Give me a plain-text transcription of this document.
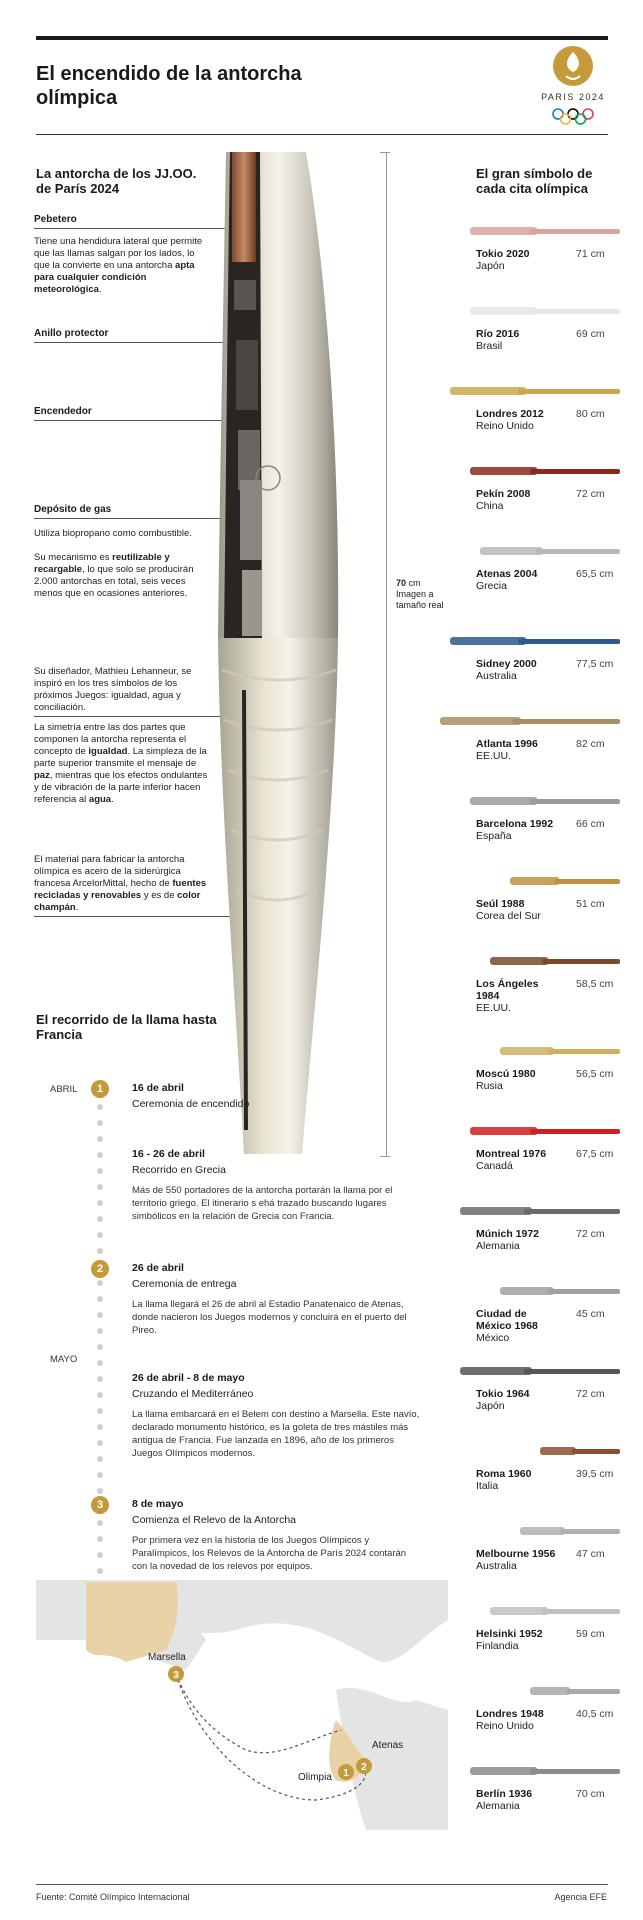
El encendido de la antorcha olímpica	PARIS 2024
La antorcha de los JJ.OO. de París 2024
Pebetero
Tiene una hendidura lateral que permite que las llamas salgan por los lados, lo que la convierte en una antorcha apta para cualquier condición meteorológica.
Anillo protector
Encendedor
Depósito de gas
Utiliza biopropano como combustible.
Su mecanismo es reutilizable y recargable, lo que solo se producirán 2.000 antorchas en total, seis veces menos que en ocasiones anteriores.
Su diseñador, Mathieu Lehanneur, se inspiró en los tres símbolos de los próximos Juegos: igualdad, agua y conciliación.
La simetría entre las dos partes que componen la antorcha representa el concepto de igualdad. La simpleza de la parte superior transmite el mensaje de paz, mientras que los efectos ondulantes y de vibración de la parte inferior hacen referencia al agua.
El material para fabricar la antorcha olímpica es acero de la siderúrgica francesa ArcelorMittal, hecho de fuentes recicladas y renovables y es de color champán.
70 cm
Imagen a tamaño real
El gran símbolo de cada cita olímpica
Tokio 2020
Japón
71 cm
Río 2016
Brasil
69 cm
Londres 2012
Reino Unido
80 cm
Pekín 2008
China
72 cm
Atenas 2004
Grecia
65,5 cm
Sidney 2000
Australia
77,5 cm
Atlanta 1996
EE.UU.
82 cm
Barcelona 1992
España
66 cm
Seúl 1988
Corea del Sur
51 cm
Los Ángeles 1984
EE.UU.
58,5 cm
Moscú 1980
Rusia
56,5 cm
Montreal 1976
Canadá
67,5 cm
Múnich 1972
Alemania
72 cm
Ciudad de México 1968
México
45 cm
Tokio 1964
Japón
72 cm
Roma 1960
Italia
39,5 cm
Melbourne 1956
Australia
47 cm
Helsinki 1952
Finlandia
59 cm
Londres 1948
Reino Unido
40,5 cm
Berlín 1936
Alemania
70 cm
El recorrido de la llama hasta Francia
ABRIL
MAYO
1	16 de abril
Ceremonia de encendido
16 - 26 de abril
Recorrido en Grecia
Más de 550 portadores de la antorcha portarán la llama por el territorio griego. El itinerario s ehá trazado buscando lugares simbólicos en la relación de Grecia con Francia.
2	26 de abril
Ceremonia de entrega
La llama llegará el 26 de abril al Estadio Panatenaico de Atenas, donde nacieron los Juegos modernos y concluirá en el puerto del Pireo.
26 de abril - 8 de mayo
Cruzando el Mediterráneo
La llama embarcará en el Belem con destino a Marsella. Este navío, declarado monumento histórico, es la goleta de tres mástiles más antigua de Francia. Fue lanzada en 1896, año de los primeros Juegos Olímpicos modernos.
3	8 de mayo
Comienza el Relevo de la Antorcha
Por primera vez en la historia de los Juegos Olímpicos y Paralímpicos, los Relevos de la Antorcha de París 2024 contarán con la novedad de los relevos por equipos.
3
2
1
Marsella
Atenas
Olimpia
Fuente: Comité Olímpico Internacional	Agencia EFE
